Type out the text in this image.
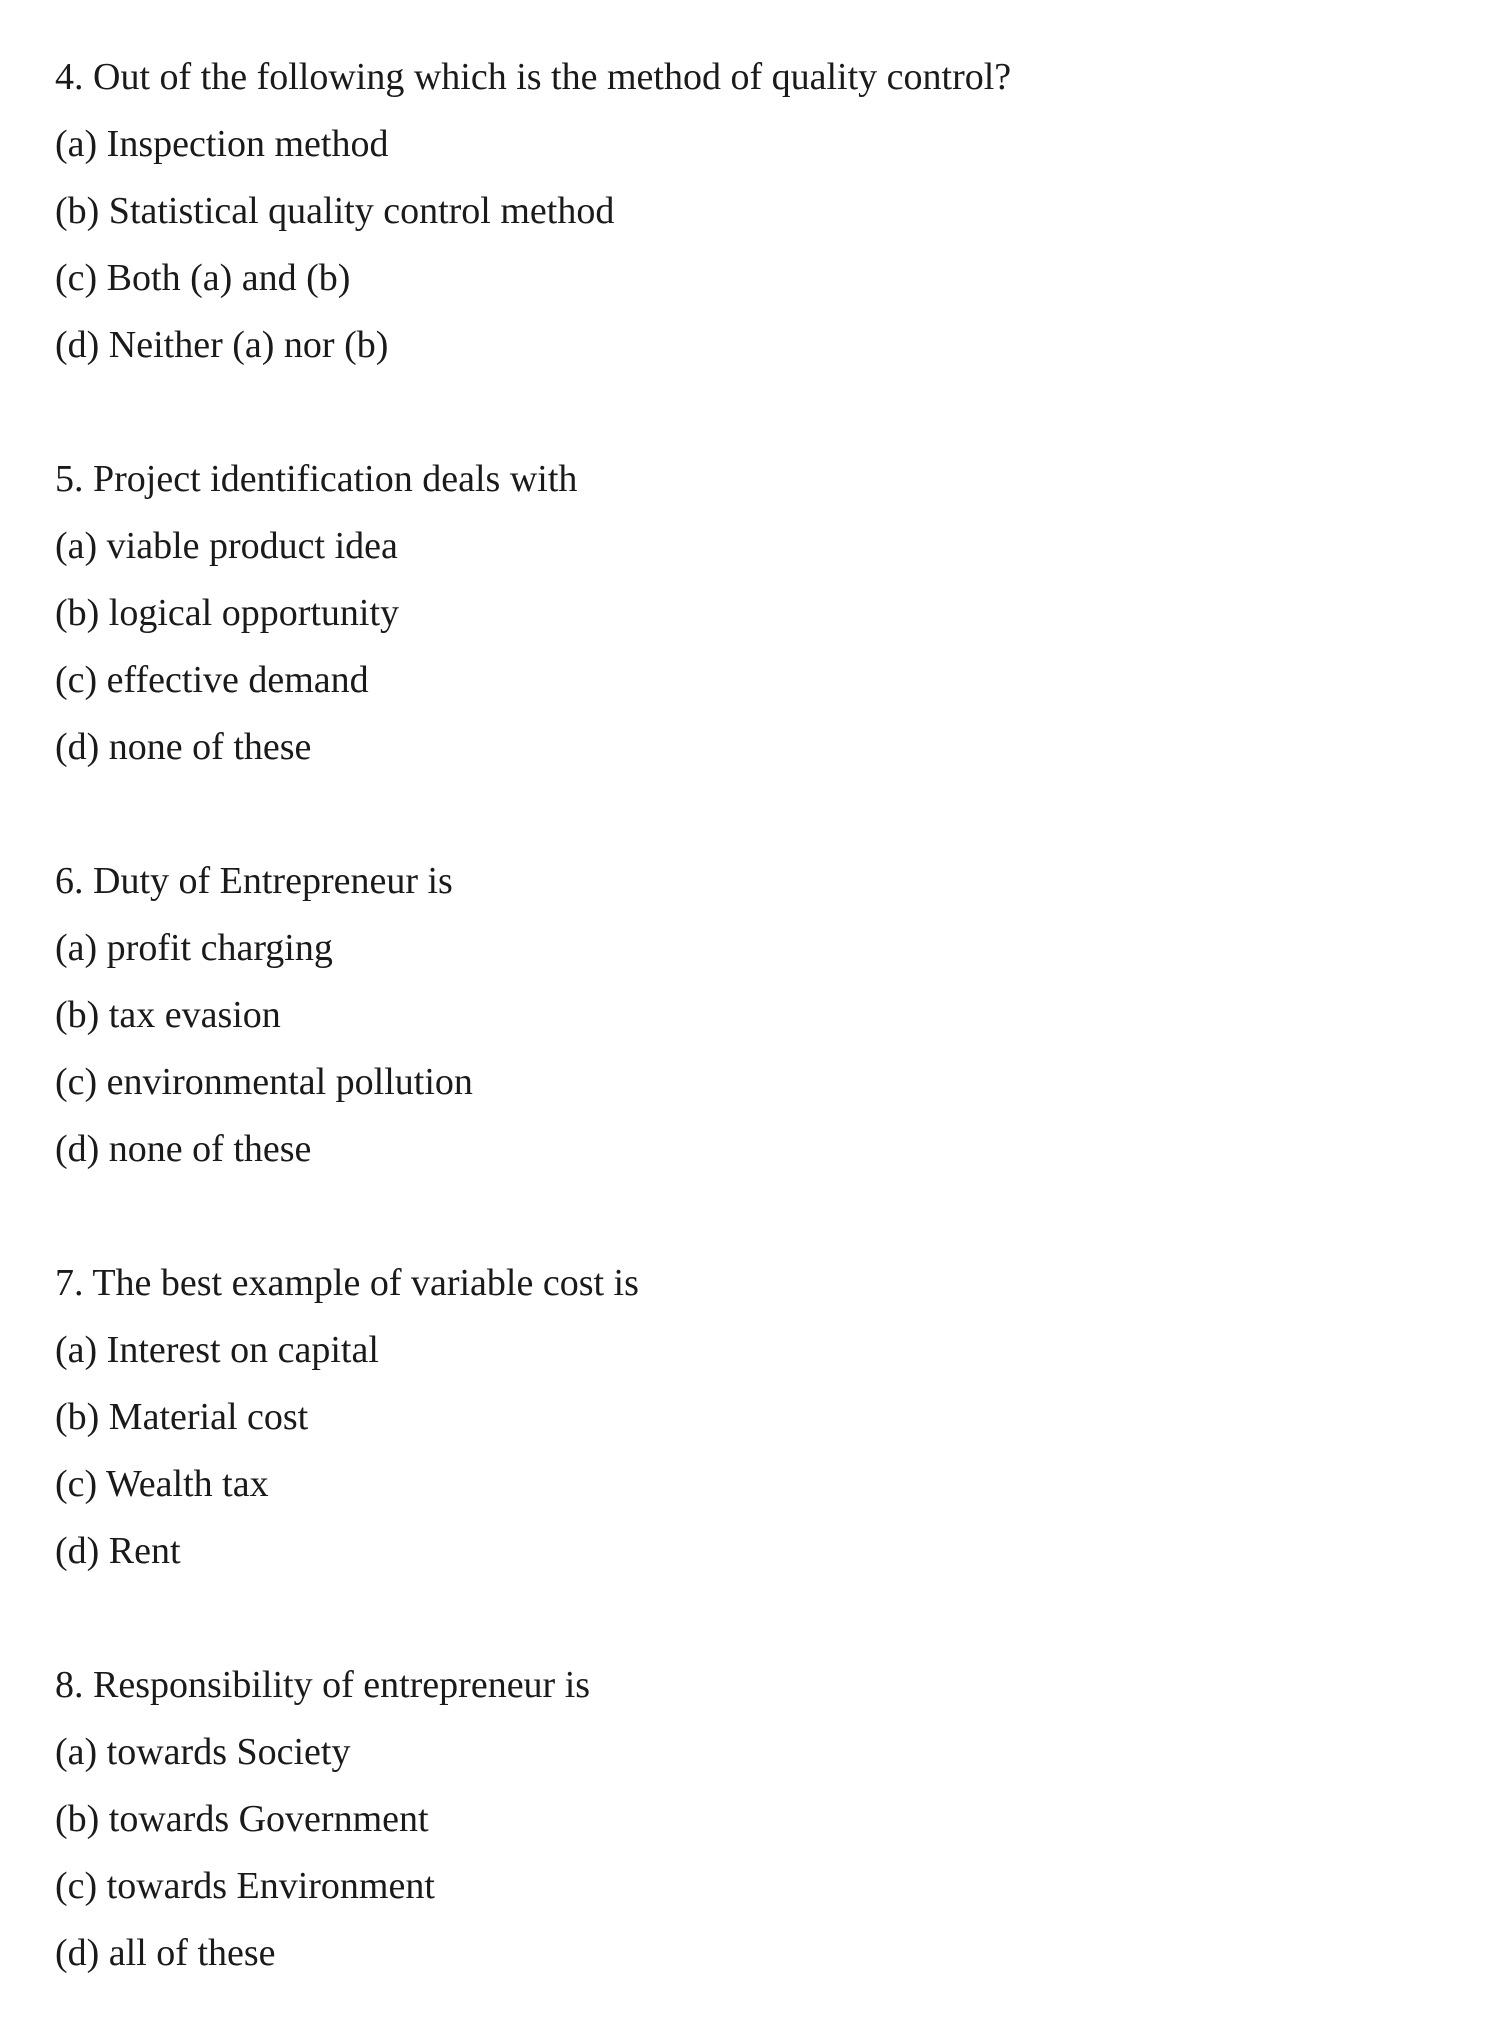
4. Out of the following which is the method of quality control?

(a) Inspection method

(b) Statistical quality control method

(c) Both (a) and (b)

(d) Neither (a) nor (b)

5. Project identification deals with

(a) viable product idea

(b) logical opportunity

(c) effective demand

(d) none of these

6. Duty of Entrepreneur is

(a) profit charging

(b) tax evasion

(c) environmental pollution

(d) none of these

7. The best example of variable cost is

(a) Interest on capital

(b) Material cost

(c) Wealth tax

(d) Rent

8. Responsibility of entrepreneur is

(a) towards Society

(b) towards Government

(c) towards Environment

(d) all of these
